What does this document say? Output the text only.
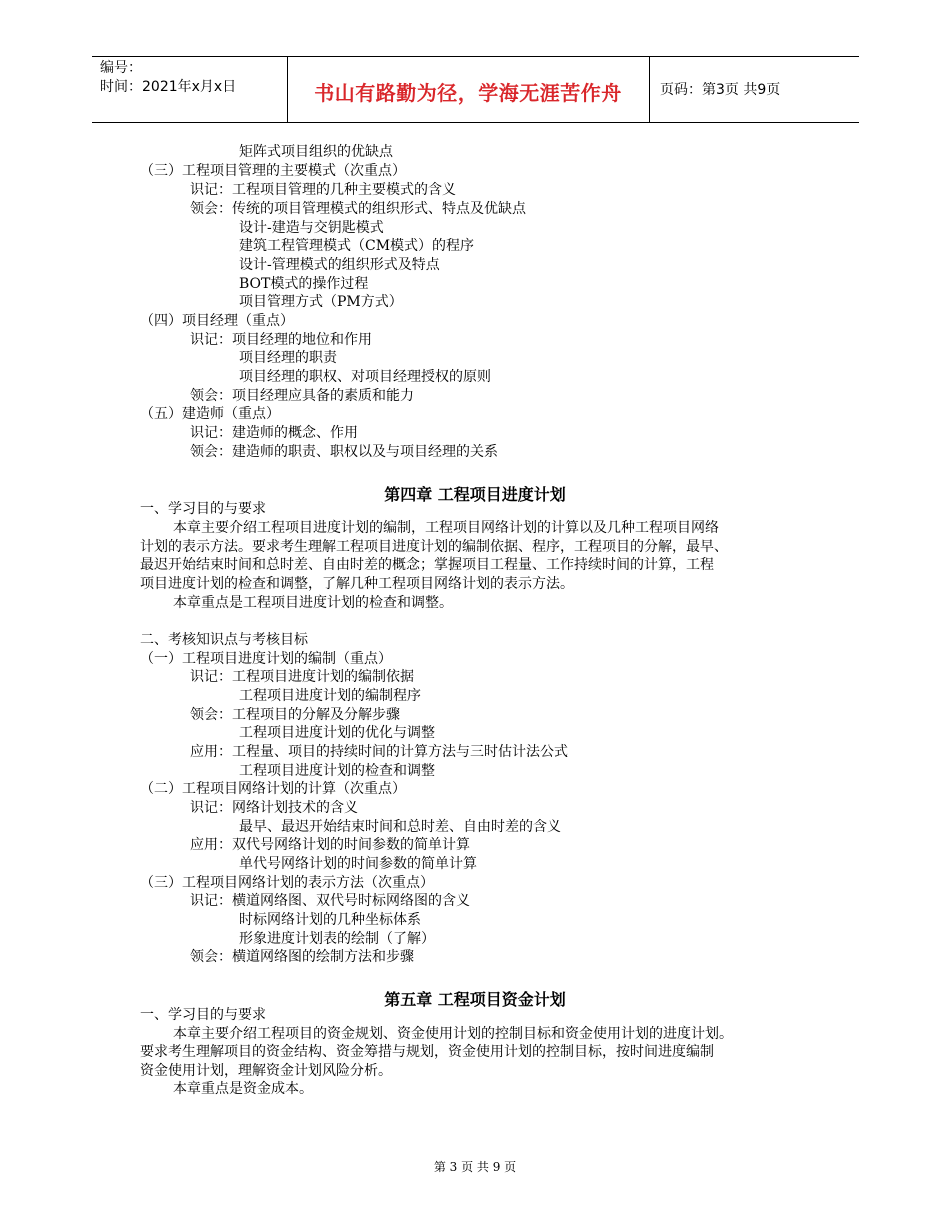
编号：
时间：2021年x月x日	书山有路勤为径，学海无涯苦作舟	页码：第3页 共9页
矩阵式项目组织的优缺点
（三）工程项目管理的主要模式（次重点）
识记：工程项目管理的几种主要模式的含义
领会：传统的项目管理模式的组织形式、特点及优缺点
设计-建造与交钥匙模式
建筑工程管理模式（CM模式）的程序
设计-管理模式的组织形式及特点
BOT模式的操作过程
项目管理方式（PM方式）
（四）项目经理（重点）
识记：项目经理的地位和作用
项目经理的职责
项目经理的职权、对项目经理授权的原则
领会：项目经理应具备的素质和能力
（五）建造师（重点）
识记：建造师的概念、作用
领会：建造师的职责、职权以及与项目经理的关系
第四章 工程项目进度计划
一、学习目的与要求
本章主要介绍工程项目进度计划的编制，工程项目网络计划的计算以及几种工程项目网络
计划的表示方法。要求考生理解工程项目进度计划的编制依据、程序，工程项目的分解，最早、
最迟开始结束时间和总时差、自由时差的概念；掌握项目工程量、工作持续时间的计算，工程
项目进度计划的检查和调整，了解几种工程项目网络计划的表示方法。
本章重点是工程项目进度计划的检查和调整。
二、考核知识点与考核目标
（一）工程项目进度计划的编制（重点）
识记：工程项目进度计划的编制依据
工程项目进度计划的编制程序
领会：工程项目的分解及分解步骤
工程项目进度计划的优化与调整
应用：工程量、项目的持续时间的计算方法与三时估计法公式
工程项目进度计划的检查和调整
（二）工程项目网络计划的计算（次重点）
识记：网络计划技术的含义
最早、最迟开始结束时间和总时差、自由时差的含义
应用：双代号网络计划的时间参数的简单计算
单代号网络计划的时间参数的简单计算
（三）工程项目网络计划的表示方法（次重点）
识记：横道网络图、双代号时标网络图的含义
时标网络计划的几种坐标体系
形象进度计划表的绘制（了解）
领会：横道网络图的绘制方法和步骤
第五章 工程项目资金计划
一、学习目的与要求
本章主要介绍工程项目的资金规划、资金使用计划的控制目标和资金使用计划的进度计划。
要求考生理解项目的资金结构、资金筹措与规划，资金使用计划的控制目标，按时间进度编制
资金使用计划，理解资金计划风险分析。
本章重点是资金成本。
第 3 页 共 9 页
